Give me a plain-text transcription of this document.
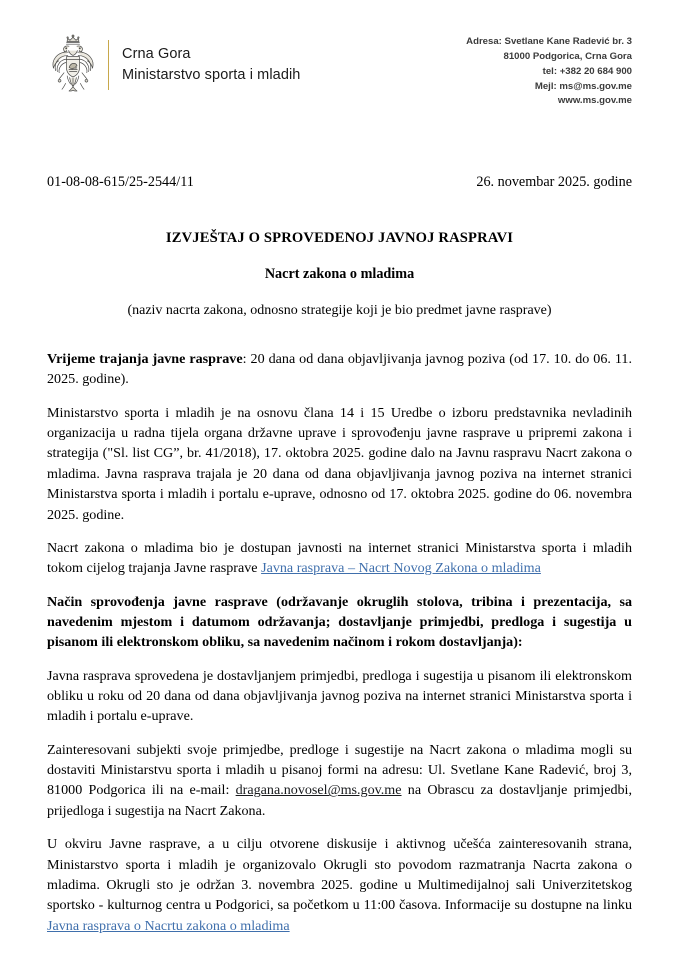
Crna Gora
Ministarstvo sporta i mladih
Adresa: Svetlane Kane Radević br. 3
81000 Podgorica, Crna Gora
tel: +382 20 684 900
Mejl: ms@ms.gov.me
www.ms.gov.me
01-08-08-615/25-2544/11	26. novembar 2025. godine
IZVJEŠTAJ O SPROVEDENOJ JAVNOJ RASPRAVI
Nacrt zakona o mladima

(naziv nacrta zakona, odnosno strategije koji je bio predmet javne rasprave)

Vrijeme trajanja javne rasprave: 20 dana od dana objavljivanja javnog poziva (od 17. 10. do 06. 11. 2025. godine).

Ministarstvo sporta i mladih je na osnovu člana 14 i 15 Uredbe o izboru predstavnika nevladinih organizacija u radna tijela organa državne uprave i sprovođenju javne rasprave u pripremi zakona i strategija ("Sl. list CG”, br. 41/2018), 17. oktobra 2025. godine dalo na Javnu raspravu Nacrt zakona o mladima. Javna rasprava trajala je 20 dana od dana objavljivanja javnog poziva na internet stranici Ministarstva sporta i mladih i portalu e-uprave, odnosno od 17. oktobra 2025. godine do 06. novembra 2025. godine.

Nacrt zakona o mladima bio je dostupan javnosti na internet stranici Ministarstva sporta i mladih tokom cijelog trajanja Javne rasprave Javna rasprava – Nacrt Novog Zakona o mladima

Način sprovođenja javne rasprave (održavanje okruglih stolova, tribina i prezentacija, sa navedenim mjestom i datumom održavanja; dostavljanje primjedbi, predloga i sugestija u pisanom ili elektronskom obliku, sa navedenim načinom i rokom dostavljanja):

Javna rasprava sprovedena je dostavljanjem primjedbi, predloga i sugestija u pisanom ili elektronskom obliku u roku od 20 dana od dana objavljivanja javnog poziva na internet stranici Ministarstva sporta i mladih i portalu e-uprave.

Zainteresovani subjekti svoje primjedbe, predloge i sugestije na Nacrt zakona o mladima mogli su dostaviti Ministarstvu sporta i mladih u pisanoj formi na adresu: Ul. Svetlane Kane Radević, broj 3, 81000 Podgorica ili na e-mail: dragana.novosel@ms.gov.me na Obrascu za dostavljanje primjedbi, prijedloga i sugestija na Nacrt Zakona.

U okviru Javne rasprave, a u cilju otvorene diskusije i aktivnog učešća zainteresovanih strana, Ministarstvo sporta i mladih je organizovalo Okrugli sto povodom razmatranja Nacrta zakona o mladima. Okrugli sto je održan 3. novembra 2025. godine u Multimedijalnoj sali Univerzitetskog sportsko - kulturnog centra u Podgorici, sa početkom u 11:00 časova. Informacije su dostupne na linku Javna rasprava o Nacrtu zakona o mladima
